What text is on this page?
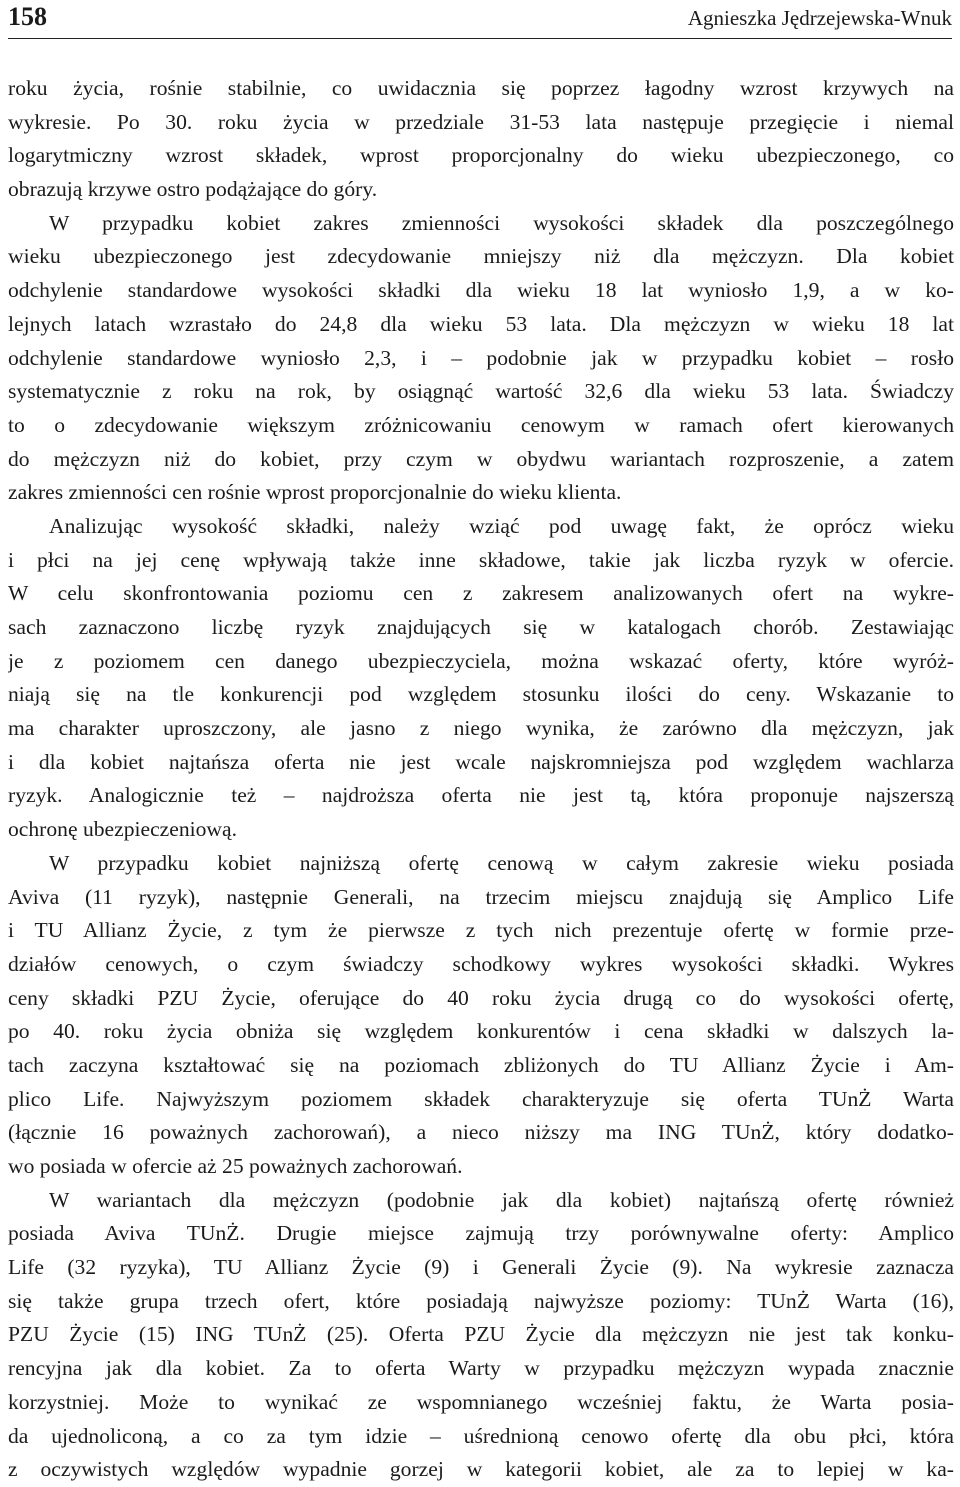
158	Agnieszka Jędrzejewska-Wnuk
roku życia, rośnie stabilnie, co uwidacznia się poprzez łagodny wzrost krzywych na
wykresie. Po 30. roku życia w przedziale 31-53 lata następuje przegięcie i niemal
logarytmiczny wzrost składek, wprost proporcjonalny do wieku ubezpieczonego, co
obrazują krzywe ostro podążające do góry.
W przypadku kobiet zakres zmienności wysokości składek dla poszczególnego
wieku ubezpieczonego jest zdecydowanie mniejszy niż dla mężczyzn. Dla kobiet
odchylenie standardowe wysokości składki dla wieku 18 lat wyniosło 1,9, a w ko-
lejnych latach wzrastało do 24,8 dla wieku 53 lata. Dla mężczyzn w wieku 18 lat
odchylenie standardowe wyniosło 2,3, i – podobnie jak w przypadku kobiet – rosło
systematycznie z roku na rok, by osiągnąć wartość 32,6 dla wieku 53 lata. Świadczy
to o zdecydowanie większym zróżnicowaniu cenowym w ramach ofert kierowanych
do mężczyzn niż do kobiet, przy czym w obydwu wariantach rozproszenie, a zatem
zakres zmienności cen rośnie wprost proporcjonalnie do wieku klienta.
Analizując wysokość składki, należy wziąć pod uwagę fakt, że oprócz wieku
i płci na jej cenę wpływają także inne składowe, takie jak liczba ryzyk w ofercie.
W celu skonfrontowania poziomu cen z zakresem analizowanych ofert na wykre-
sach zaznaczono liczbę ryzyk znajdujących się w katalogach chorób. Zestawiając
je z poziomem cen danego ubezpieczyciela, można wskazać oferty, które wyróż-
niają się na tle konkurencji pod względem stosunku ilości do ceny. Wskazanie to
ma charakter uproszczony, ale jasno z niego wynika, że zarówno dla mężczyzn, jak
i dla kobiet najtańsza oferta nie jest wcale najskromniejsza pod względem wachlarza
ryzyk. Analogicznie też – najdroższa oferta nie jest tą, która proponuje najszerszą
ochronę ubezpieczeniową.
W przypadku kobiet najniższą ofertę cenową w całym zakresie wieku posiada
Aviva (11 ryzyk), następnie Generali, na trzecim miejscu znajdują się Amplico Life
i TU Allianz Życie, z tym że pierwsze z tych nich prezentuje ofertę w formie prze-
działów cenowych, o czym świadczy schodkowy wykres wysokości składki. Wykres
ceny składki PZU Życie, oferujące do 40 roku życia drugą co do wysokości ofertę,
po 40. roku życia obniża się względem konkurentów i cena składki w dalszych la-
tach zaczyna kształtować się na poziomach zbliżonych do TU Allianz Życie i Am-
plico Life. Najwyższym poziomem składek charakteryzuje się oferta TUnŻ Warta
(łącznie 16 poważnych zachorowań), a nieco niższy ma ING TUnŻ, który dodatko-
wo posiada w ofercie aż 25 poważnych zachorowań.
W wariantach dla mężczyzn (podobnie jak dla kobiet) najtańszą ofertę również
posiada Aviva TUnŻ. Drugie miejsce zajmują trzy porównywalne oferty: Amplico
Life (32 ryzyka), TU Allianz Życie (9) i Generali Życie (9). Na wykresie zaznacza
się także grupa trzech ofert, które posiadają najwyższe poziomy: TUnŻ Warta (16),
PZU Życie (15) ING TUnŻ (25). Oferta PZU Życie dla mężczyzn nie jest tak konku-
rencyjna jak dla kobiet. Za to oferta Warty w przypadku mężczyzn wypada znacznie
korzystniej. Może to wynikać ze wspomnianego wcześniej faktu, że Warta posia-
da ujednoliconą, a co za tym idzie – uśrednioną cenowo ofertę dla obu płci, która
z oczywistych względów wypadnie gorzej w kategorii kobiet, ale za to lepiej w ka-
